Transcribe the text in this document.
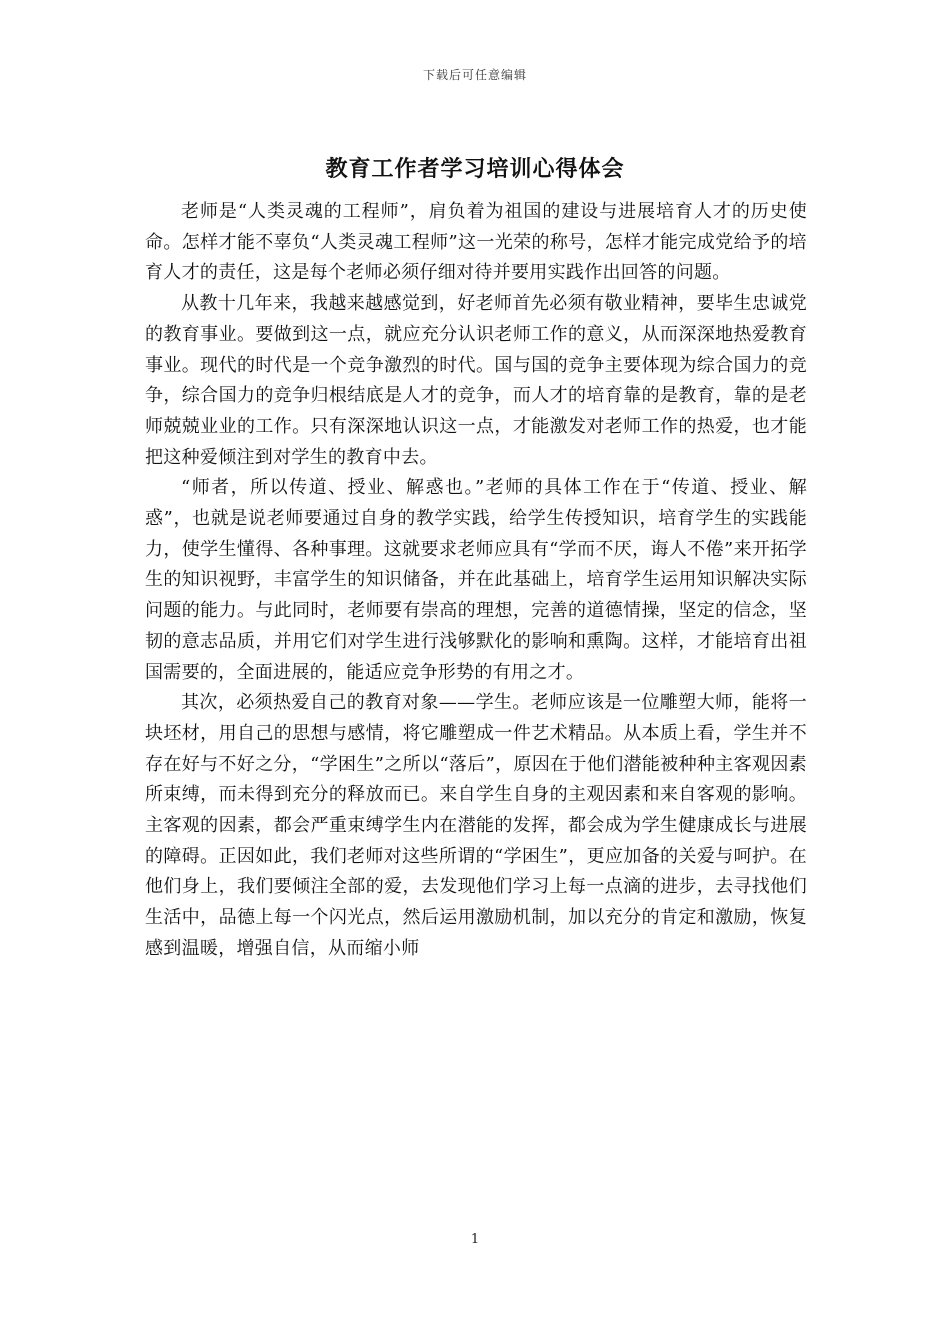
下载后可任意编辑
教育工作者学习培训心得体会

老师是“人类灵魂的工程师”，肩负着为祖国的建设与进展培育人才的历史使命。怎样才能不辜负“人类灵魂工程师”这一光荣的称号，怎样才能完成党给予的培育人才的责任，这是每个老师必须仔细对待并要用实践作出回答的问题。

从教十几年来，我越来越感觉到，好老师首先必须有敬业精神，要毕生忠诚党的教育事业。要做到这一点，就应充分认识老师工作的意义，从而深深地热爱教育事业。现代的时代是一个竞争激烈的时代。国与国的竞争主要体现为综合国力的竞争，综合国力的竞争归根结底是人才的竞争，而人才的培育靠的是教育，靠的是老师兢兢业业的工作。只有深深地认识这一点，才能激发对老师工作的热爱，也才能把这种爱倾注到对学生的教育中去。

“师者，所以传道、授业、解惑也。”老师的具体工作在于“传道、授业、解惑”，也就是说老师要通过自身的教学实践，给学生传授知识，培育学生的实践能力，使学生懂得、各种事理。这就要求老师应具有“学而不厌，诲人不倦”来开拓学生的知识视野，丰富学生的知识储备，并在此基础上，培育学生运用知识解决实际问题的能力。与此同时，老师要有崇高的理想，完善的道德情操，坚定的信念，坚韧的意志品质，并用它们对学生进行浅够默化的影响和熏陶。这样，才能培育出祖国需要的，全面进展的，能适应竞争形势的有用之才。

其次，必须热爱自己的教育对象——学生。老师应该是一位雕塑大师，能将一块坯材，用自己的思想与感情，将它雕塑成一件艺术精品。从本质上看，学生并不存在好与不好之分，“学困生”之所以“落后”，原因在于他们潜能被种种主客观因素所束缚，而未得到充分的释放而已。来自学生自身的主观因素和来自客观的影响。主客观的因素，都会严重束缚学生内在潜能的发挥，都会成为学生健康成长与进展的障碍。正因如此，我们老师对这些所谓的“学困生”，更应加备的关爱与呵护。在他们身上，我们要倾注全部的爱，去发现他们学习上每一点滴的进步，去寻找他们生活中，品德上每一个闪光点，然后运用激励机制，加以充分的肯定和激励，恢复感到温暖，增强自信，从而缩小师

1
